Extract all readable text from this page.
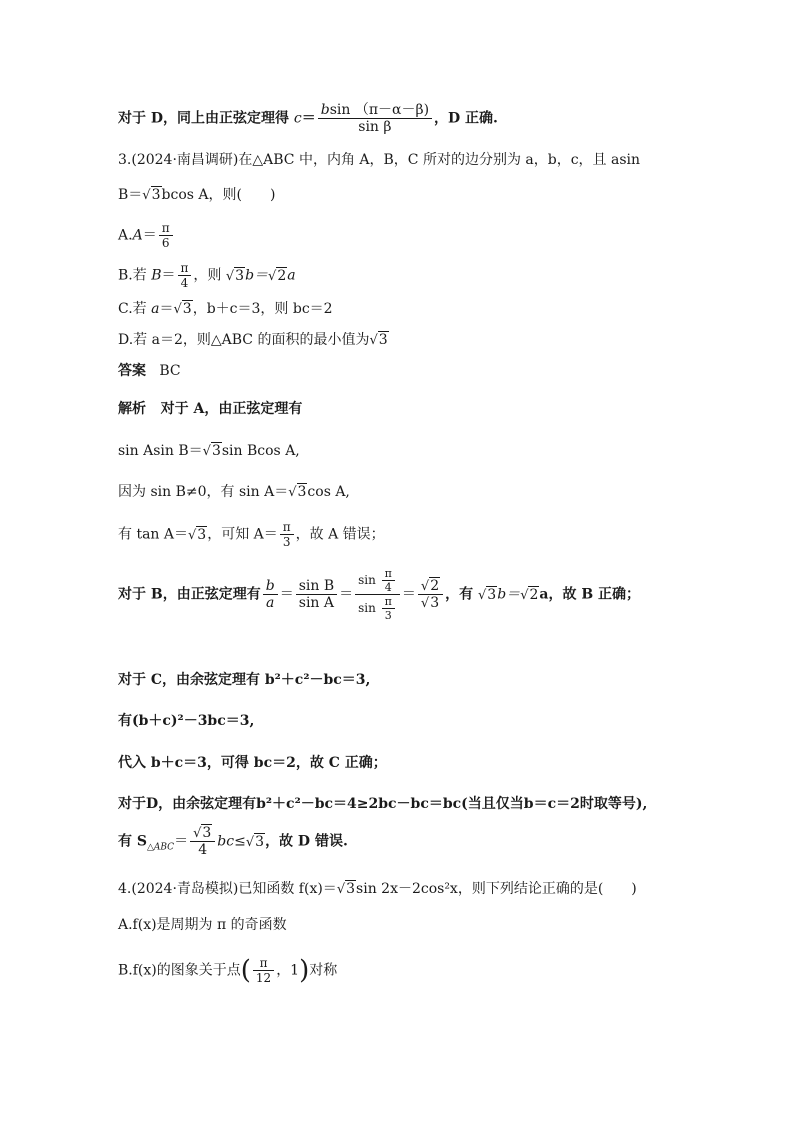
对于 D，同上由正弦定理得 $c= \frac{bsin (\pi-\alpha-\beta)}{\text{sin β}}$ ，D 正确.
3.(2024·南昌调研)在△ABC 中，内角 A，B，C 所对的边分别为 a，b，c，且 asin
B＝√3bcos A，则(　　)
$A.A= \frac{\pi}{6}$
B.若 $B= \frac{\pi}{4}$ ，则 √3b＝√2a
C.若 a＝√3，b＋c＝3，则 bc＝2
D.若 a＝2，则△ABC 的面积的最小值为√3
答案 BC
解析 对于 A，由正弦定理有
sin Asin B＝√3sin Bcos A,
因为 sin B≠0，有 sin A＝√3cos A,
有 tan A＝√3，可知 $A= \frac{\pi}{3}$ ，故 A 错误；
对于 B，由正弦定理有 $\frac{b}{a} = \frac{\text{sin B}}{\text{sin A}} = \frac{\sin \frac{\pi}{4}}{\sin \frac{\pi}{3}} = \frac{√2}{√3}$ ，有 √3b＝√2a，故 B 正确；
对于 C，由余弦定理有 b²＋c²－bc＝3,
有(b＋c)²－3bc＝3,
代入 b＋c＝3，可得 bc＝2，故 C 正确；
对于D，由余弦定理有b²＋c²－bc＝4≥2bc－bc＝bc(当且仅当b＝c＝2时取等号),
有 $S_{\triangle ABC}= \frac{√3}{4} bc\le√3$，故 D 错误.
4.(2024·青岛模拟)已知函数 f(x)＝√3sin 2x－2cos²x，则下列结论正确的是(　　)
A.f(x)是周期为 π 的奇函数
B.f(x)的图象关于点( $\frac{\pi}{12}$ ，1)对称
